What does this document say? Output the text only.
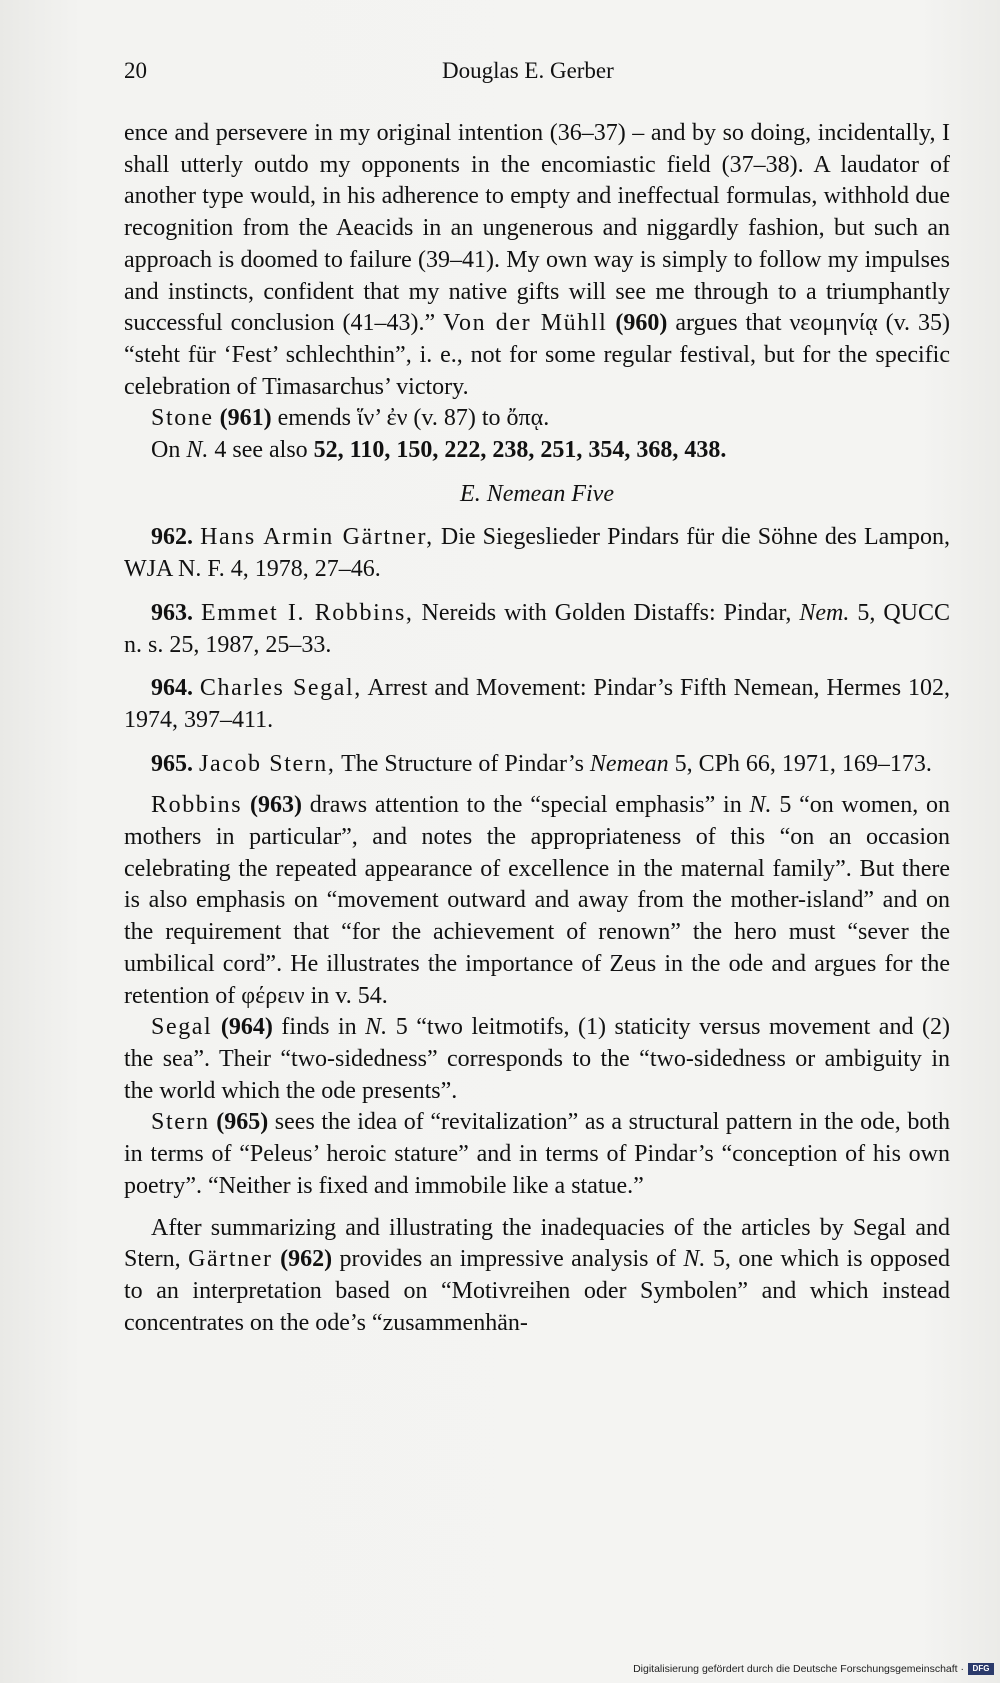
20	Douglas E. Gerber

ence and persevere in my original intention (36–37) – and by so doing, incidentally, I shall utterly outdo my opponents in the encomiastic field (37–38). A laudator of another type would, in his adherence to empty and ineffectual formulas, withhold due recognition from the Aeacids in an ungenerous and niggardly fashion, but such an approach is doomed to failure (39–41). My own way is simply to follow my impulses and instincts, confident that my native gifts will see me through to a triumphantly successful conclusion (41–43).” Von der Mühll (960) argues that νεομηνίᾳ (v. 35) “steht für ‘Fest’ schlechthin”, i. e., not for some regular festival, but for the specific celebration of Timasarchus’ victory.

Stone (961) emends ἵν’ ἐν (v. 87) to ὄπᾳ.

On N. 4 see also 52, 110, 150, 222, 238, 251, 354, 368, 438.

E. Nemean Five

962. Hans Armin Gärtner, Die Siegeslieder Pindars für die Söhne des Lampon, WJA N. F. 4, 1978, 27–46.

963. Emmet I. Robbins, Nereids with Golden Distaffs: Pindar, Nem. 5, QUCC n. s. 25, 1987, 25–33.

964. Charles Segal, Arrest and Movement: Pindar’s Fifth Nemean, Hermes 102, 1974, 397–411.

965. Jacob Stern, The Structure of Pindar’s Nemean 5, CPh 66, 1971, 169–173.

Robbins (963) draws attention to the “special emphasis” in N. 5 “on women, on mothers in particular”, and notes the appropriateness of this “on an occasion celebrating the repeated appearance of excellence in the maternal family”. But there is also emphasis on “movement outward and away from the mother-island” and on the requirement that “for the achievement of renown” the hero must “sever the umbilical cord”. He illustrates the importance of Zeus in the ode and argues for the retention of φέρειν in v. 54.

Segal (964) finds in N. 5 “two leitmotifs, (1) staticity versus movement and (2) the sea”. Their “two-sidedness” corresponds to the “two-sidedness or ambiguity in the world which the ode presents”.

Stern (965) sees the idea of “revitalization” as a structural pattern in the ode, both in terms of “Peleus’ heroic stature” and in terms of Pindar’s “conception of his own poetry”. “Neither is fixed and immobile like a statue.”

After summarizing and illustrating the inadequacies of the articles by Segal and Stern, Gärtner (962) provides an impressive analysis of N. 5, one which is opposed to an interpretation based on “Motivreihen oder Symbolen” and which instead concentrates on the ode’s “zusammenhän-

Digitalisierung gefördert durch die Deutsche Forschungsgemeinschaft ·	DFG
